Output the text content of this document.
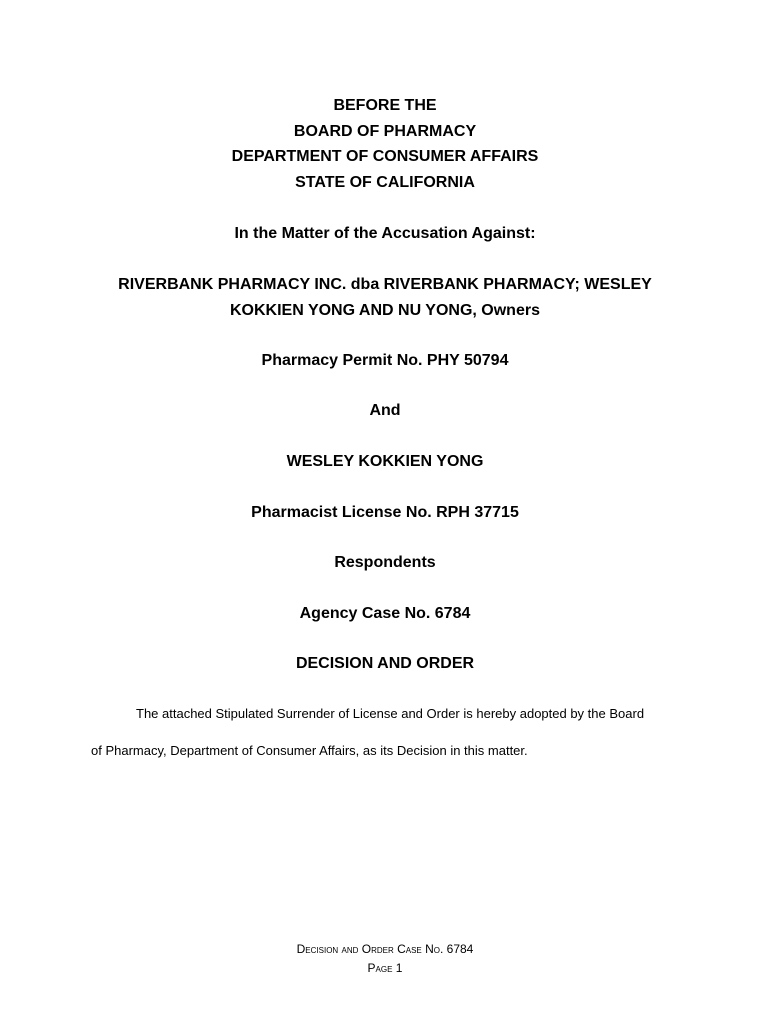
BEFORE THE
BOARD OF PHARMACY
DEPARTMENT OF CONSUMER AFFAIRS
STATE OF CALIFORNIA
In the Matter of the Accusation Against:
RIVERBANK PHARMACY INC. dba RIVERBANK PHARMACY; WESLEY
KOKKIEN YONG AND NU YONG, Owners
Pharmacy Permit No. PHY 50794
And
WESLEY KOKKIEN YONG
Pharmacist License No. RPH 37715
Respondents
Agency Case No. 6784
DECISION AND ORDER
The attached Stipulated Surrender of License and Order is hereby adopted by the Board
of Pharmacy, Department of Consumer Affairs, as its Decision in this matter.
Decision and Order Case No. 6784
Page 1
